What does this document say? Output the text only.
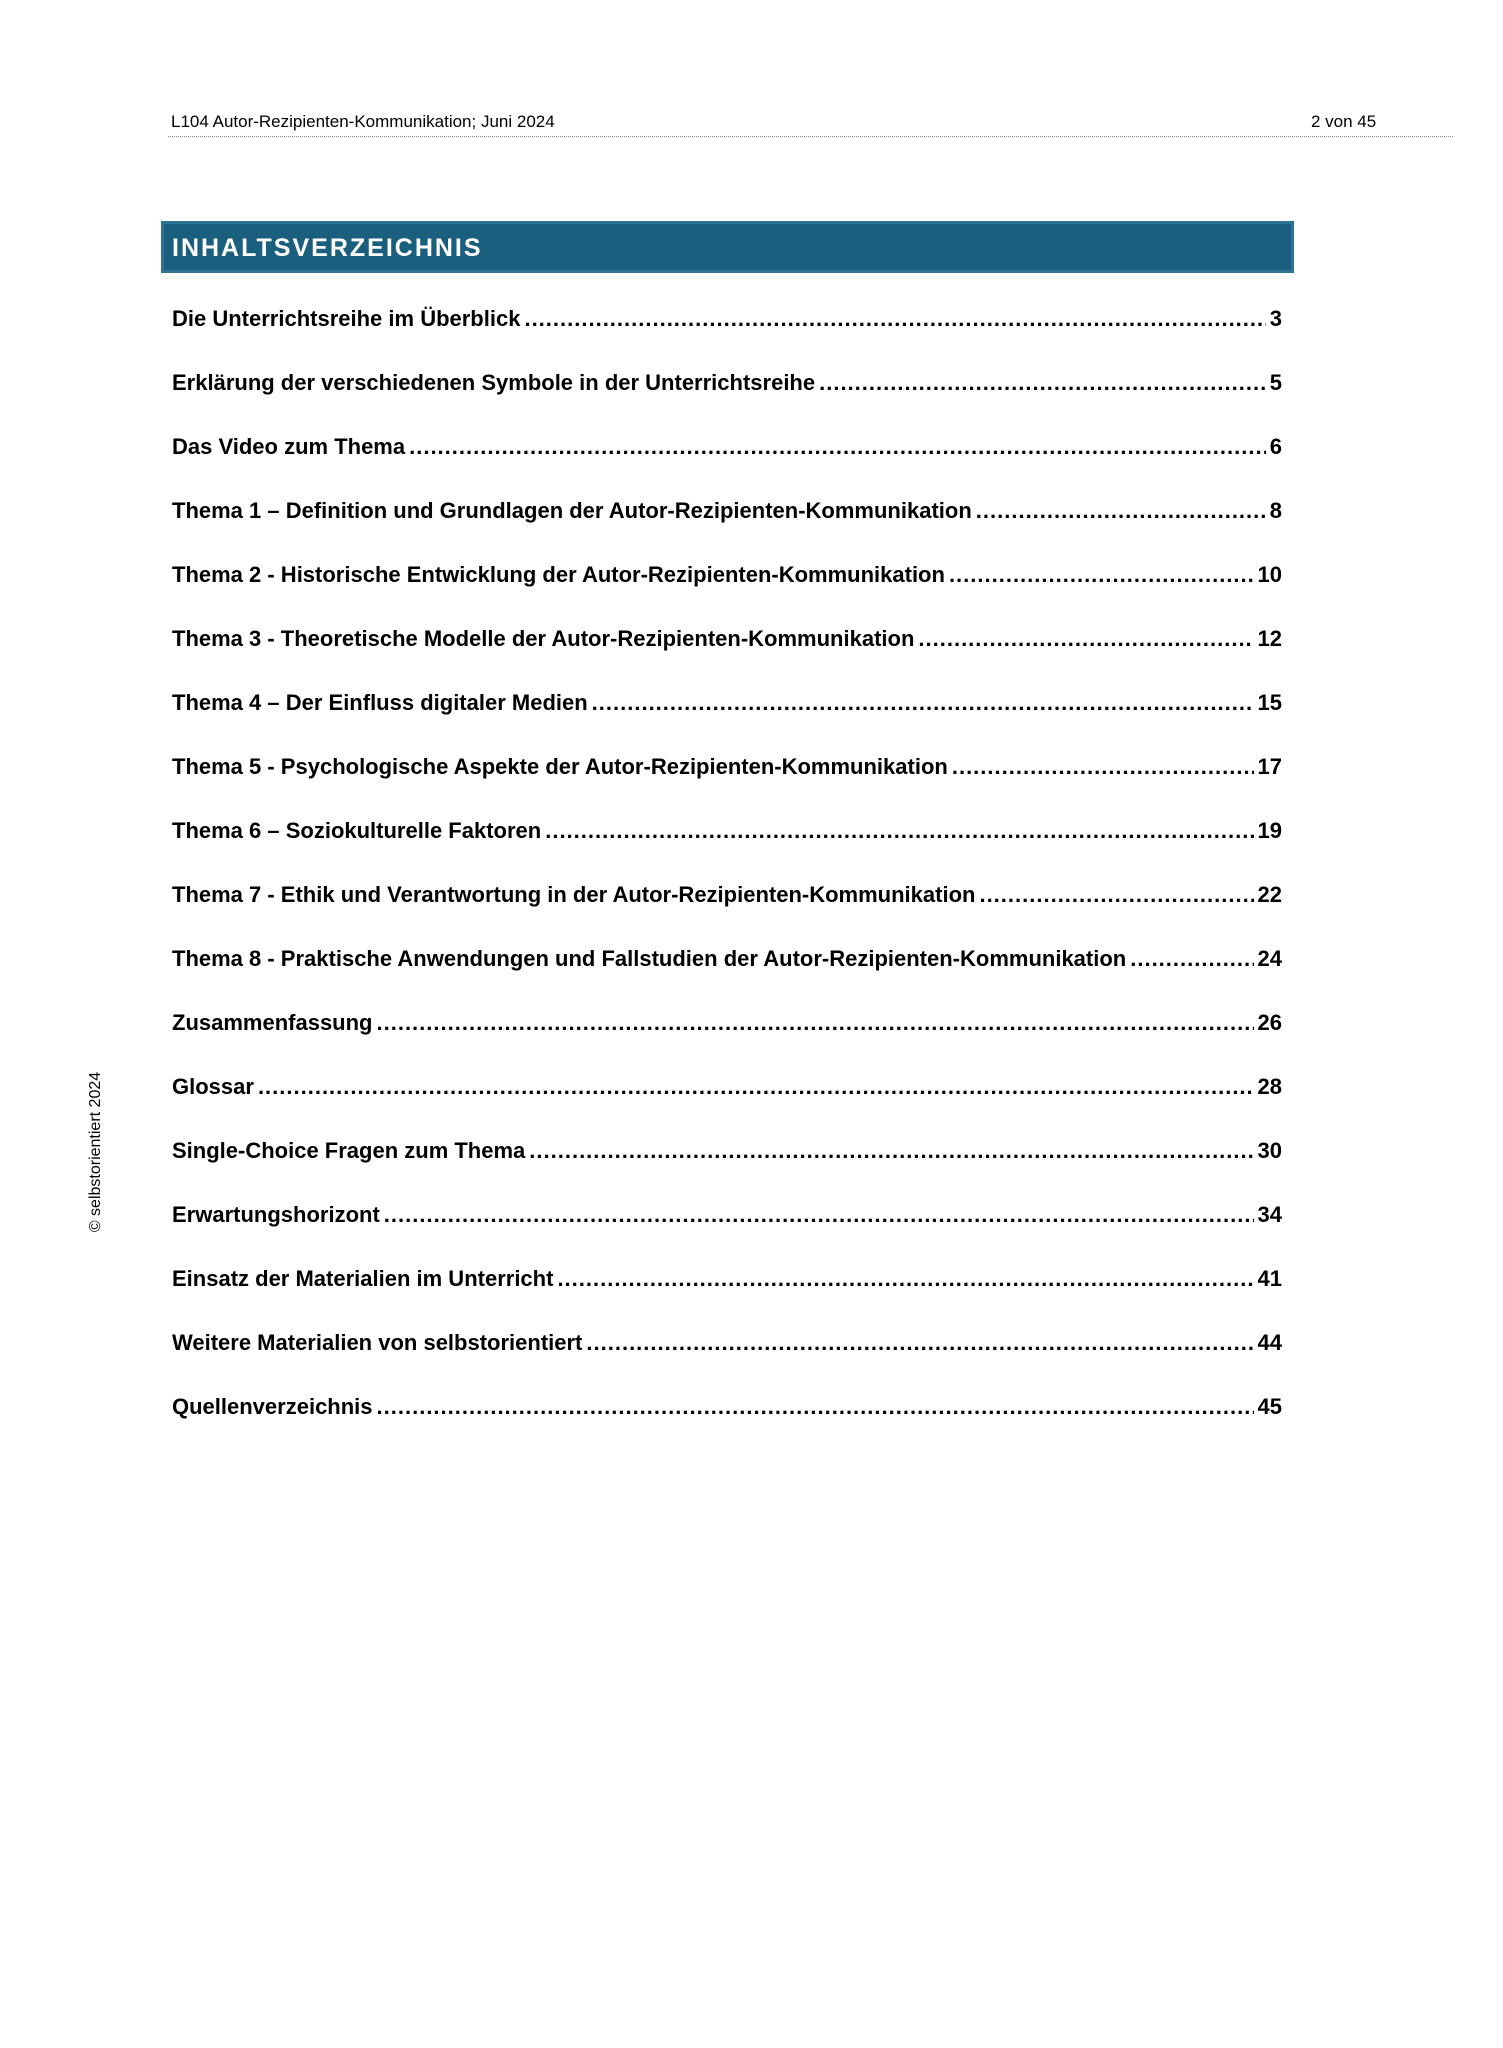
L104 Autor-Rezipienten-Kommunikation; Juni 2024	2 von 45
© selbstorientiert 2024
INHALTSVERZEICHNIS
Die Unterrichtsreihe im Überblick .....	3
Erklärung der verschiedenen Symbole in der Unterrichtsreihe .....	5
Das Video zum Thema .....	6
Thema 1 – Definition und Grundlagen der Autor-Rezipienten-Kommunikation .....	8
Thema 2 - Historische Entwicklung der Autor-Rezipienten-Kommunikation .....	10
Thema 3 - Theoretische Modelle der Autor-Rezipienten-Kommunikation .....	12
Thema 4 – Der Einfluss digitaler Medien .....	15
Thema 5 - Psychologische Aspekte der Autor-Rezipienten-Kommunikation .....	17
Thema 6 – Soziokulturelle Faktoren .....	19
Thema 7 - Ethik und Verantwortung in der Autor-Rezipienten-Kommunikation .....	22
Thema 8 - Praktische Anwendungen und Fallstudien der Autor-Rezipienten-Kommunikation .....	24
Zusammenfassung .....	26
Glossar .....	28
Single-Choice Fragen zum Thema .....	30
Erwartungshorizont .....	34
Einsatz der Materialien im Unterricht .....	41
Weitere Materialien von selbstorientiert .....	44
Quellenverzeichnis .....	45
